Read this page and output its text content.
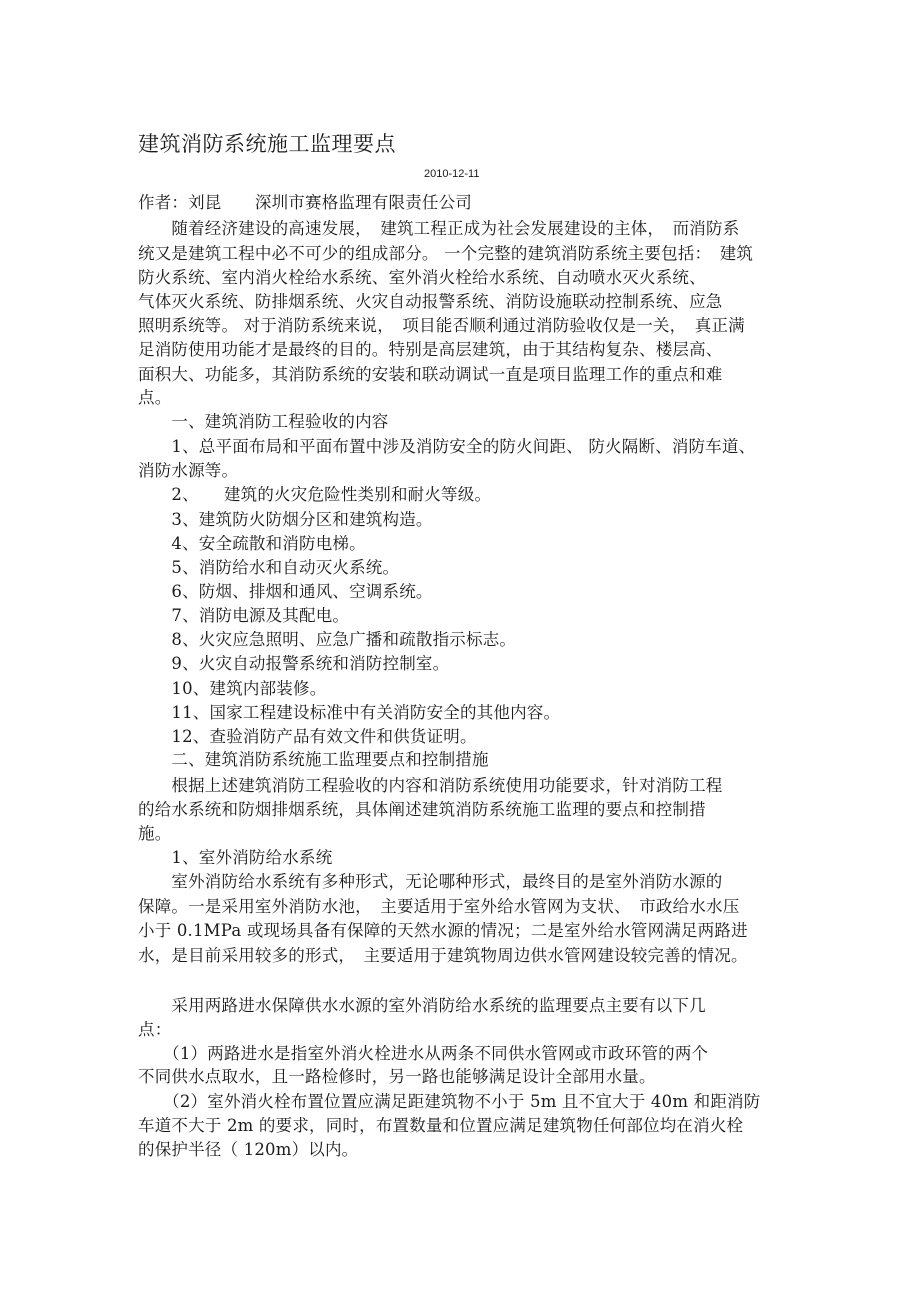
建筑消防系统施工监理要点
2010-12-11
作者：刘昆　　深圳市赛格监理有限责任公司
　　随着经济建设的高速发展，　建筑工程正成为社会发展建设的主体，　而消防系
统又是建筑工程中必不可少的组成部分。 一个完整的建筑消防系统主要包括：　建筑
防火系统、室内消火栓给水系统、室外消火栓给水系统、自动喷水灭火系统、
气体灭火系统、防排烟系统、火灾自动报警系统、消防设施联动控制系统、应急
照明系统等。 对于消防系统来说，　项目能否顺利通过消防验收仅是一关，　真正满
足消防使用功能才是最终的目的。特别是高层建筑，由于其结构复杂、楼层高、
面积大、功能多，其消防系统的安装和联动调试一直是项目监理工作的重点和难
点。
　　一、建筑消防工程验收的内容
　　1、总平面布局和平面布置中涉及消防安全的防火间距、 防火隔断、消防车道、
消防水源等。
　　2、　　建筑的火灾危险性类别和耐火等级。
　　3、建筑防火防烟分区和建筑构造。
　　4、安全疏散和消防电梯。
　　5、消防给水和自动灭火系统。
　　6、防烟、排烟和通风、空调系统。
　　7、消防电源及其配电。
　　8、火灾应急照明、应急广播和疏散指示标志。
　　9、火灾自动报警系统和消防控制室。
　　10、建筑内部装修。
　　11、国家工程建设标准中有关消防安全的其他内容。
　　12、查验消防产品有效文件和供货证明。
　　二、建筑消防系统施工监理要点和控制措施
　　根据上述建筑消防工程验收的内容和消防系统使用功能要求，针对消防工程
的给水系统和防烟排烟系统，具体阐述建筑消防系统施工监理的要点和控制措
施。
　　1、室外消防给水系统
　　室外消防给水系统有多种形式，无论哪种形式，最终目的是室外消防水源的
保障。一是采用室外消防水池，　主要适用于室外给水管网为支状、　市政给水水压
小于 0.1MPa 或现场具备有保障的天然水源的情况；二是室外给水管网满足两路进
水，是目前采用较多的形式，　主要适用于建筑物周边供水管网建设较完善的情况。
　　采用两路进水保障供水水源的室外消防给水系统的监理要点主要有以下几
点：
　　（1）两路进水是指室外消火栓进水从两条不同供水管网或市政环管的两个
不同供水点取水，且一路检修时，另一路也能够满足设计全部用水量。
　　（2）室外消火栓布置位置应满足距建筑物不小于 5m 且不宜大于 40m 和距消防
车道不大于 2m 的要求，同时，布置数量和位置应满足建筑物任何部位均在消火栓
的保护半径（ 120m）以内。
